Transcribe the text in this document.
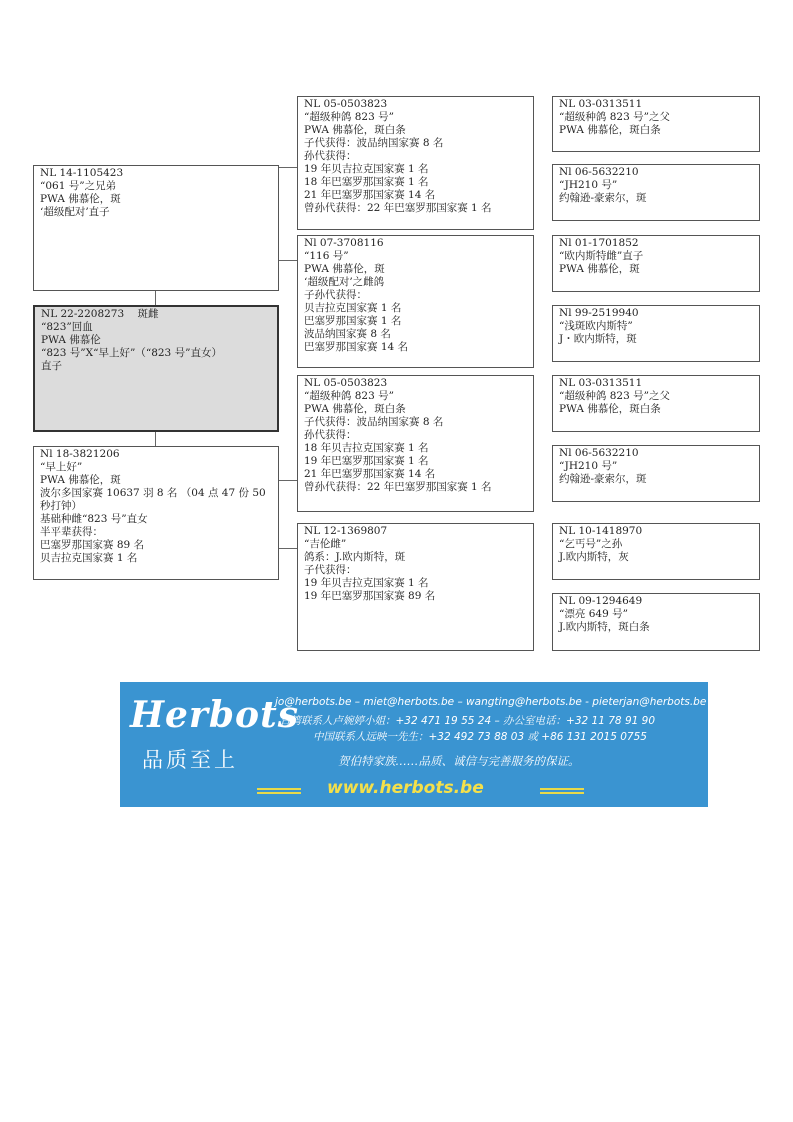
NL 14-1105423
“061 号”之兄弟
PWA 佛慕伦，斑
‘超级配对’直子
NL 22-2208273    斑雌
“823”回血
PWA 佛慕伦
“823 号”X“早上好”（“823 号”直女）
直子
Nl 18-3821206
“早上好”
PWA 佛慕伦，斑
波尔多国家赛 10637 羽 8 名 （04 点 47 份 50
秒打钟）
基础种雌“823 号”直女
半平辈获得：
巴塞罗那国家赛 89 名
贝吉拉克国家赛 1 名
NL 05-0503823
“超级种鸽 823 号”
PWA 佛慕伦，斑白条
子代获得：波品纳国家赛 8 名
孙代获得：
19 年贝吉拉克国家赛 1 名
18 年巴塞罗那国家赛 1 名
21 年巴塞罗那国家赛 14 名
曾孙代获得：22 年巴塞罗那国家赛 1 名
Nl 07-3708116
“116 号”
PWA 佛慕伦，斑
‘超级配对’之雌鸽
子孙代获得：
贝吉拉克国家赛 1 名
巴塞罗那国家赛 1 名
波品纳国家赛 8 名
巴塞罗那国家赛 14 名
NL 05-0503823
“超级种鸽 823 号”
PWA 佛慕伦，斑白条
子代获得：波品纳国家赛 8 名
孙代获得：
18 年贝吉拉克国家赛 1 名
19 年巴塞罗那国家赛 1 名
21 年巴塞罗那国家赛 14 名
曾孙代获得：22 年巴塞罗那国家赛 1 名
NL 12-1369807
“吉伦雌”
鸽系：J.欧内斯特，斑
子代获得：
19 年贝吉拉克国家赛 1 名
19 年巴塞罗那国家赛 89 名
NL 03-0313511
“超级种鸽 823 号”之父
PWA 佛慕伦，斑白条
Nl 06-5632210
“JH210 号”
约翰逊-豪索尔，斑
Nl 01-1701852
“欧内斯特雌”直子
PWA 佛慕伦，斑
Nl 99-2519940
“浅斑欧内斯特”
J・欧内斯特，斑
NL 03-0313511
“超级种鸽 823 号”之父
PWA 佛慕伦，斑白条
Nl 06-5632210
“JH210 号”
约翰逊-豪索尔，斑
NL 10-1418970
“乞丐号”之孙
J.欧内斯特，灰
NL 09-1294649
“漂亮 649 号”
J.欧内斯特，斑白条
Herbots
品质至上
jo@herbots.be – miet@herbots.be – wangting@herbots.be - pieterjan@herbots.be
台湾联系人卢婉婷小姐：+32 471 19 55 24 – 办公室电话：+32 11 78 91 90
中国联系人远映一先生：+32 492 73 88 03 或 +86 131 2015 0755
贺伯特家族……品质、诚信与完善服务的保证。
www.herbots.be
